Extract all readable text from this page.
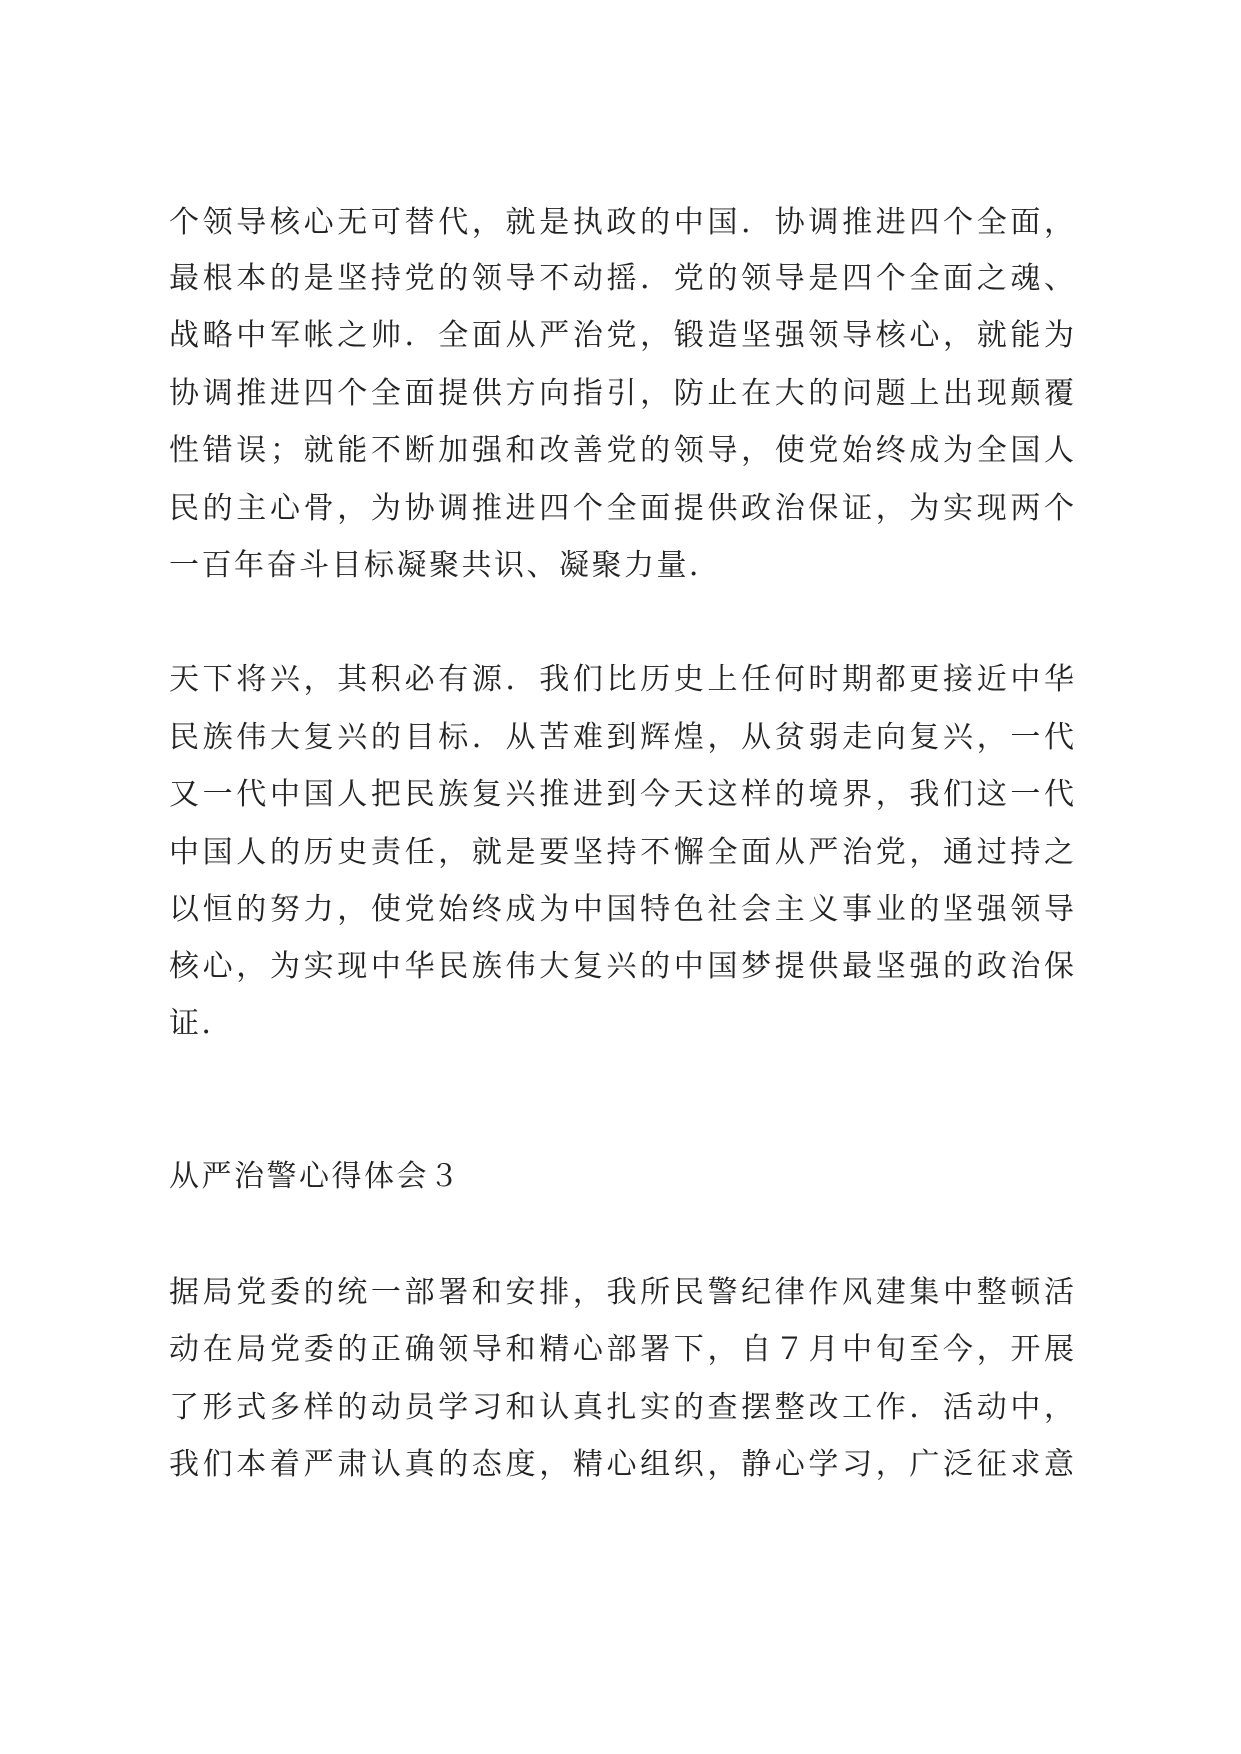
个领导核心无可替代，就是执政的中国．协调推进四个全面，
最根本的是坚持党的领导不动摇．党的领导是四个全面之魂、
战略中军帐之帅．全面从严治党，锻造坚强领导核心，就能为
协调推进四个全面提供方向指引，防止在大的问题上出现颠覆
性错误；就能不断加强和改善党的领导，使党始终成为全国人
民的主心骨，为协调推进四个全面提供政治保证，为实现两个
一百年奋斗目标凝聚共识、凝聚力量．
天下将兴，其积必有源．我们比历史上任何时期都更接近中华
民族伟大复兴的目标．从苦难到辉煌，从贫弱走向复兴，一代
又一代中国人把民族复兴推进到今天这样的境界，我们这一代
中国人的历史责任，就是要坚持不懈全面从严治党，通过持之
以恒的努力，使党始终成为中国特色社会主义事业的坚强领导
核心，为实现中华民族伟大复兴的中国梦提供最坚强的政治保
证．
从严治警心得体会３
据局党委的统一部署和安排，我所民警纪律作风建集中整顿活
动在局党委的正确领导和精心部署下，自７月中旬至今，开展
了形式多样的动员学习和认真扎实的查摆整改工作．活动中，
我们本着严肃认真的态度，精心组织，静心学习，广泛征求意
